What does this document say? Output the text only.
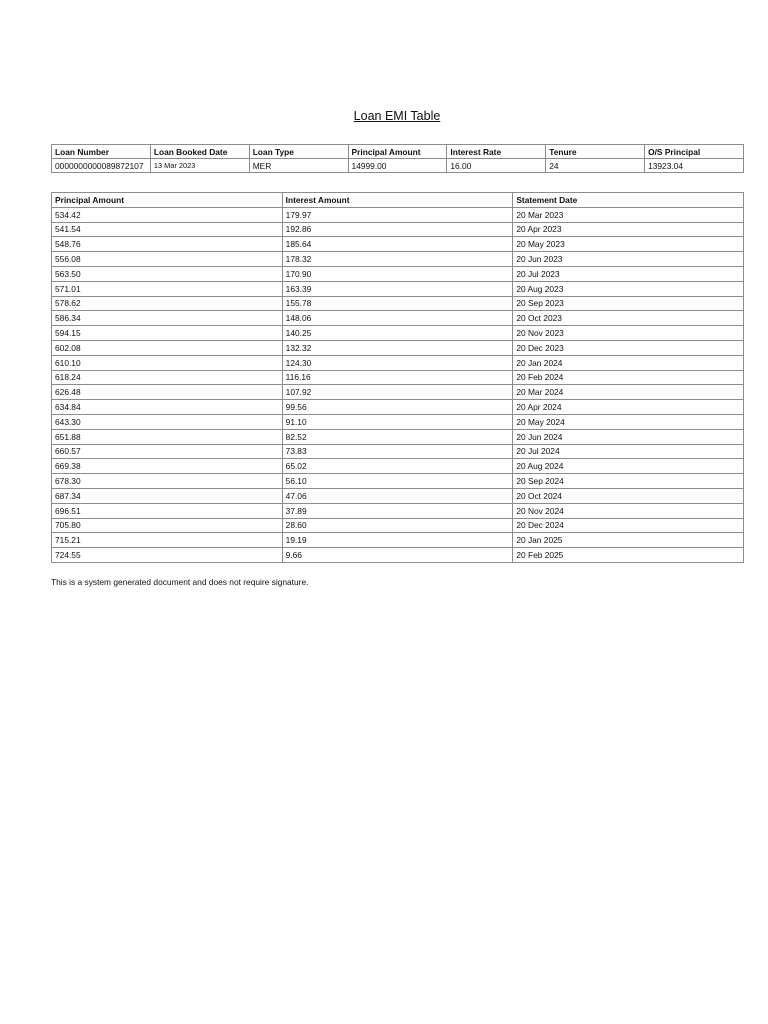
Loan EMI Table
Loan Number	Loan Booked Date	Loan Type	Principal Amount	Interest Rate	Tenure	O/S Principal
0000000000089872107	13 Mar 2023	MER	14999.00	16.00	24	13923.04
Principal Amount	Interest Amount	Statement Date
534.42	179.97	20 Mar 2023
541.54	192.86	20 Apr 2023
548.76	185.64	20 May 2023
556.08	178.32	20 Jun 2023
563.50	170.90	20 Jul 2023
571.01	163.39	20 Aug 2023
578.62	155.78	20 Sep 2023
586.34	148.06	20 Oct 2023
594.15	140.25	20 Nov 2023
602.08	132.32	20 Dec 2023
610.10	124.30	20 Jan 2024
618.24	116.16	20 Feb 2024
626.48	107.92	20 Mar 2024
634.84	99.56	20 Apr 2024
643.30	91.10	20 May 2024
651.88	82.52	20 Jun 2024
660.57	73.83	20 Jul 2024
669.38	65.02	20 Aug 2024
678.30	56.10	20 Sep 2024
687.34	47.06	20 Oct 2024
696.51	37.89	20 Nov 2024
705.80	28.60	20 Dec 2024
715.21	19.19	20 Jan 2025
724.55	9.66	20 Feb 2025
This is a system generated document and does not require signature.
